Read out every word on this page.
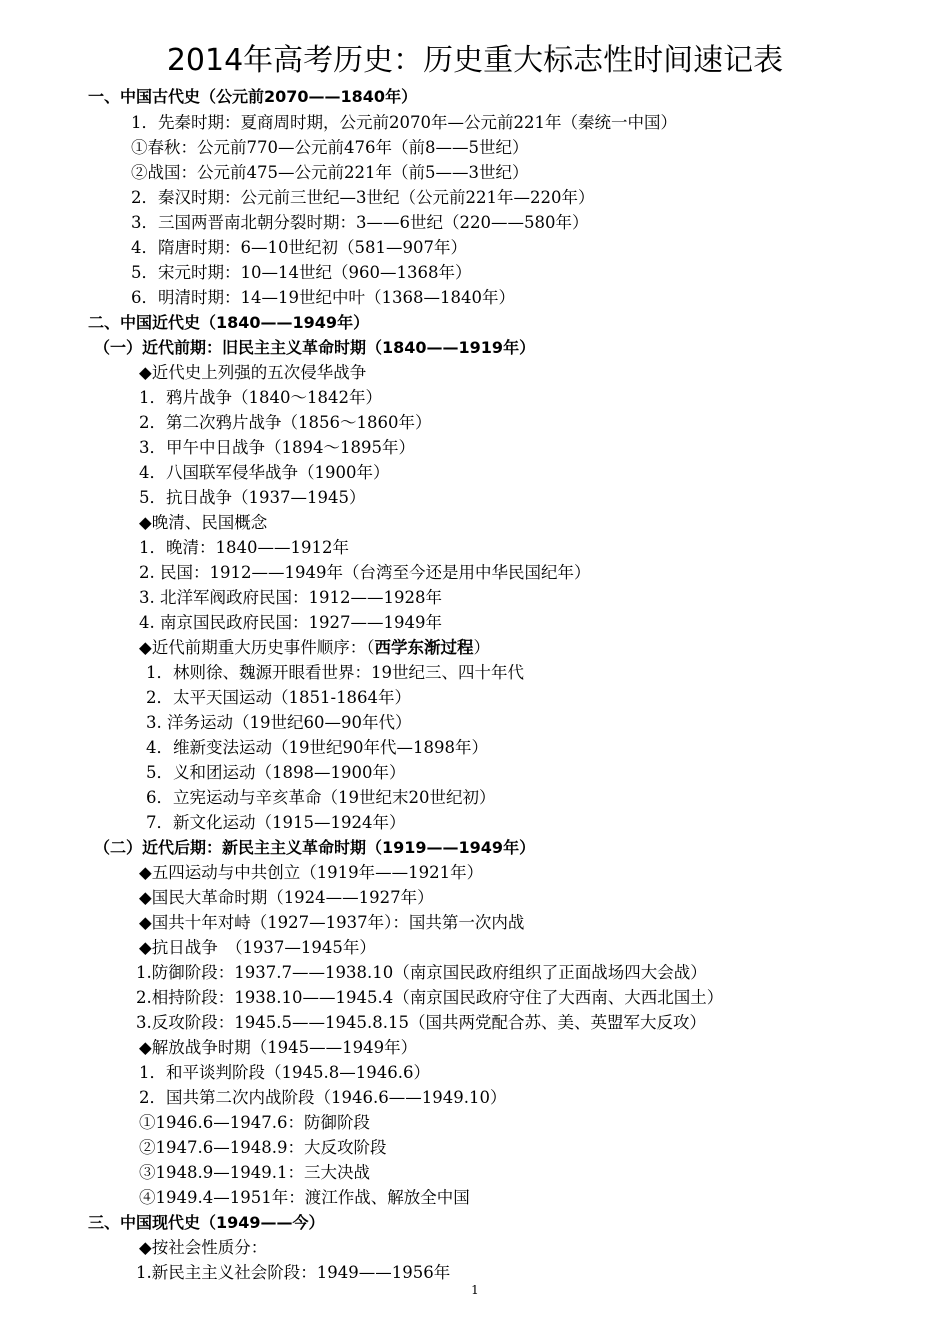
2014年高考历史：历史重大标志性时间速记表
一、中国古代史（公元前2070——1840年）
1．先秦时期：夏商周时期，公元前2070年—公元前221年（秦统一中国）
①春秋：公元前770—公元前476年（前8——5世纪）
②战国：公元前475—公元前221年（前5——3世纪）
2．秦汉时期：公元前三世纪—3世纪（公元前221年—220年）
3．三国两晋南北朝分裂时期：3——6世纪（220——580年）
4．隋唐时期：6—10世纪初（581—907年）
5．宋元时期：10—14世纪（960—1368年）
6．明清时期：14—19世纪中叶（1368—1840年）
二、中国近代史（1840——1949年）
（一）近代前期：旧民主主义革命时期（1840——1919年）
◆近代史上列强的五次侵华战争
1．鸦片战争（1840～1842年）
2．第二次鸦片战争（1856～1860年）
3．甲午中日战争（1894～1895年）
4．八国联军侵华战争（1900年）
5．抗日战争（1937—1945）
◆晚清、民国概念
1．晚清：1840——1912年
2. 民国：1912——1949年（台湾至今还是用中华民国纪年）
3. 北洋军阀政府民国：1912——1928年
4. 南京国民政府民国：1927——1949年
◆近代前期重大历史事件顺序：（西学东渐过程）
1．林则徐、魏源开眼看世界：19世纪三、四十年代
2．太平天国运动（1851-1864年）
3. 洋务运动（19世纪60—90年代）
4．维新变法运动（19世纪90年代—1898年）
5．义和团运动（1898—1900年）
6．立宪运动与辛亥革命（19世纪末20世纪初）
7．新文化运动（1915—1924年）
（二）近代后期：新民主主义革命时期（1919——1949年）
◆五四运动与中共创立（1919年——1921年）
◆国民大革命时期（1924——1927年）
◆国共十年对峙（1927—1937年）：国共第一次内战
◆抗日战争　（1937—1945年）
1.防御阶段：1937.7——1938.10（南京国民政府组织了正面战场四大会战）
2.相持阶段：1938.10——1945.4（南京国民政府守住了大西南、大西北国土）
3.反攻阶段：1945.5——1945.8.15（国共两党配合苏、美、英盟军大反攻）
◆解放战争时期（1945——1949年）
1．和平谈判阶段（1945.8—1946.6）
2．国共第二次内战阶段（1946.6——1949.10）
①1946.6—1947.6：防御阶段
②1947.6—1948.9：大反攻阶段
③1948.9—1949.1：三大决战
④1949.4—1951年：渡江作战、解放全中国
三、中国现代史（1949——今）
◆按社会性质分：
1.新民主主义社会阶段：1949——1956年
1
